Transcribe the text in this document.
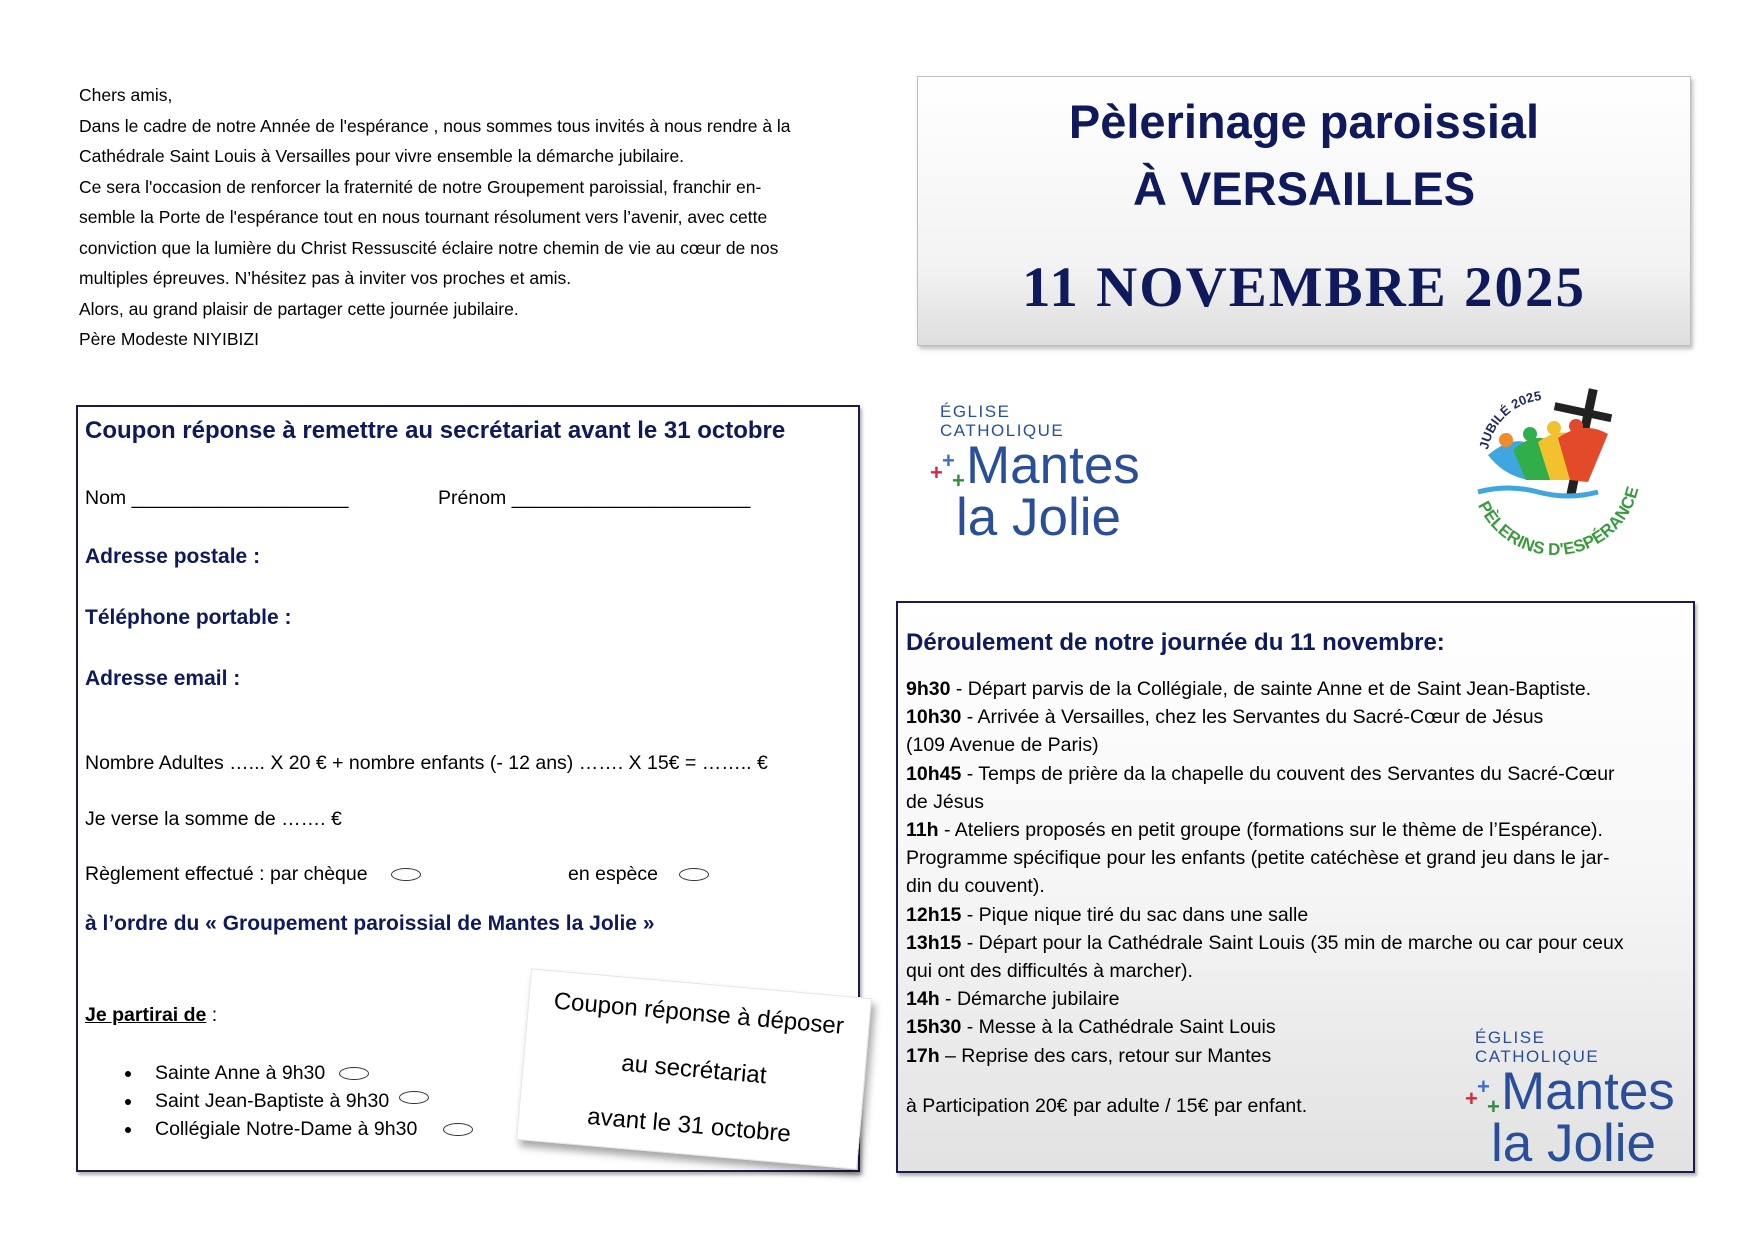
Chers amis,

Dans le cadre de notre Année de l'espérance , nous sommes tous invités à nous rendre à la

Cathédrale Saint Louis à Versailles pour vivre ensemble la démarche jubilaire.

Ce sera l'occasion de renforcer la fraternité de notre Groupement paroissial, franchir en-

semble la Porte de l'espérance tout en nous tournant résolument vers l’avenir, avec cette

conviction que la lumière du Christ Ressuscité éclaire notre chemin de vie au cœur de nos

multiples épreuves. N’hésitez pas à inviter vos proches et amis.

Alors, au grand plaisir de partager cette journée jubilaire.

Père Modeste NIYIBIZI

Pèlerinage paroissial
À VERSAILLES
11 NOVEMBRE 2025
ÉGLISE
CATHOLIQUE
+
+ + Mantes
la Jolie
JUBILÉ 2025
PÈLERINS D'ESPÉRANCE
Coupon réponse à remettre au secrétariat avant le 31 octobre
Nom ____________________	Prénom ______________________
Adresse postale :
Téléphone portable :
Adresse email :
Nombre Adultes …... X 20 € + nombre enfants (- 12 ans) ……. X 15€ = …….. €
Je verse la somme de ……. €
Règlement effectué : par chèque	en espèce
à l’ordre du « Groupement paroissial de Mantes la Jolie »
Je partirai de :
• Sainte Anne à 9h30
• Saint Jean-Baptiste à 9h30
• Collégiale Notre-Dame à 9h30
Coupon réponse à déposer
au secrétariat
avant le 31 octobre
Déroulement de notre journée du 11 novembre:
9h30 - Départ parvis de la Collégiale, de sainte Anne et de Saint Jean-Baptiste.
10h30 - Arrivée à Versailles, chez les Servantes du Sacré-Cœur de Jésus
(109 Avenue de Paris)
10h45 - Temps de prière da la chapelle du couvent des Servantes du Sacré-Cœur
de Jésus
11h - Ateliers proposés en petit groupe (formations sur le thème de l’Espérance).
Programme spécifique pour les enfants (petite catéchèse et grand jeu dans le jar-
din du couvent).
12h15 - Pique nique tiré du sac dans une salle
13h15 - Départ pour la Cathédrale Saint Louis (35 min de marche ou car pour ceux
qui ont des difficultés à marcher).
14h - Démarche jubilaire
15h30 - Messe à la Cathédrale Saint Louis
17h – Reprise des cars, retour sur Mantes
à Participation 20€ par adulte / 15€ par enfant.
ÉGLISE
CATHOLIQUE
+
+ + Mantes
la Jolie
